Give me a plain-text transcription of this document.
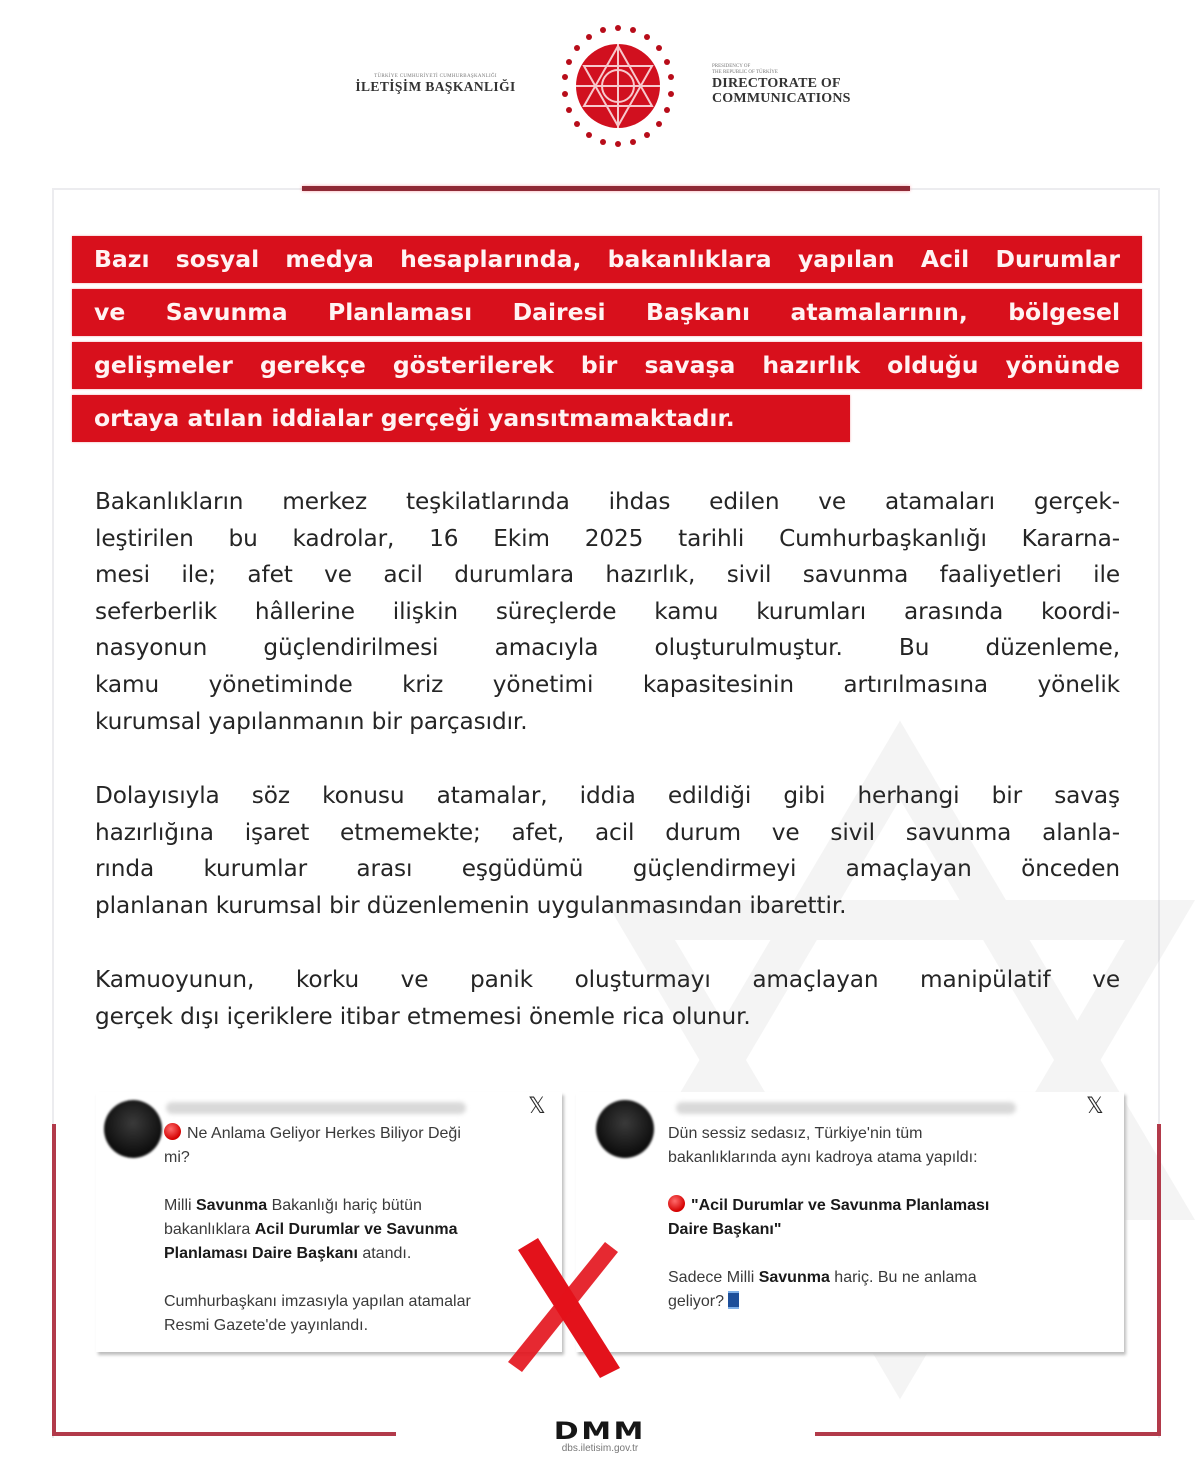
TÜRKİYE CUMHURİYETİ CUMHURBAŞKANLIĞI
İLETİŞİM BAŞKANLIĞI
PRESIDENCY OF
THE REPUBLIC OF TÜRKİYE
DIRECTORATE OF
COMMUNICATIONS
Bazı sosyal medya hesaplarında, bakanlıklara yapılan Acil Durumlar
ve Savunma Planlaması Dairesi Başkanı atamalarının, bölgesel
gelişmeler gerekçe gösterilerek bir savaşa hazırlık olduğu yönünde
ortaya atılan iddialar gerçeği yansıtmamaktadır.
Bakanlıkların merkez teşkilatlarında ihdas edilen ve atamaları gerçek-
leştirilen bu kadrolar, 16 Ekim 2025 tarihli Cumhurbaşkanlığı Kararna-
mesi ile; afet ve acil durumlara hazırlık, sivil savunma faaliyetleri ile
seferberlik hâllerine ilişkin süreçlerde kamu kurumları arasında koordi-
nasyonun güçlendirilmesi amacıyla oluşturulmuştur. Bu düzenleme,
kamu yönetiminde kriz yönetimi kapasitesinin artırılmasına yönelik
kurumsal yapılanmanın bir parçasıdır.
Dolayısıyla söz konusu atamalar, iddia edildiği gibi herhangi bir savaş
hazırlığına işaret etmemekte; afet, acil durum ve sivil savunma alanla-
rında kurumlar arası eşgüdümü güçlendirmeyi amaçlayan önceden
planlanan kurumsal bir düzenlemenin uygulanmasından ibarettir.
Kamuoyunun, korku ve panik oluşturmayı amaçlayan manipülatif ve
gerçek dışı içeriklere itibar etmemesi önemle rica olunur.
𝕏
Ne Anlama Geliyor Herkes Biliyor Deği
mi?
Milli Savunma Bakanlığı hariç bütün
bakanlıklara Acil Durumlar ve Savunma
Planlaması Daire Başkanı atandı.
Cumhurbaşkanı imzasıyla yapılan atamalar
Resmi Gazete'de yayınlandı.
𝕏
Dün sessiz sedasız, Türkiye'nin tüm
bakanlıklarında aynı kadroya atama yapıldı:
"Acil Durumlar ve Savunma Planlaması
Daire Başkanı"
Sadece Milli Savunma hariç. Bu ne anlama
geliyor?
DMM
dbs.iletisim.gov.tr
